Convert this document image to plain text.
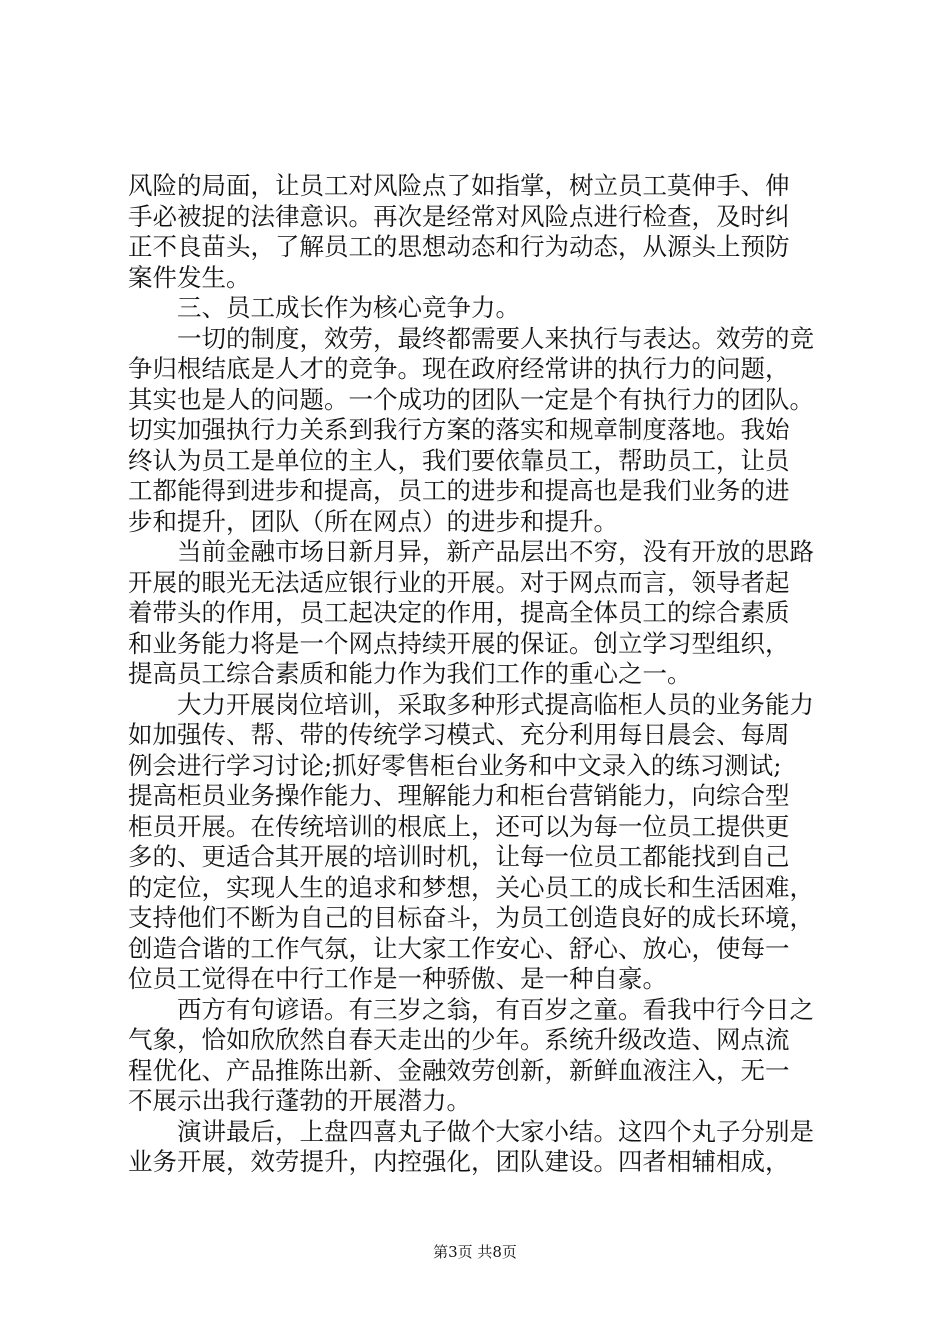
风险的局面，让员工对风险点了如指掌，树立员工莫伸手、伸
手必被捉的法律意识。再次是经常对风险点进行检查，及时纠
正不良苗头，了解员工的思想动态和行为动态，从源头上预防
案件发生。
　　三、员工成长作为核心竞争力。
　　一切的制度，效劳，最终都需要人来执行与表达。效劳的竞
争归根结底是人才的竞争。现在政府经常讲的执行力的问题，
其实也是人的问题。一个成功的团队一定是个有执行力的团队。
切实加强执行力关系到我行方案的落实和规章制度落地。我始
终认为员工是单位的主人，我们要依靠员工，帮助员工，让员
工都能得到进步和提高，员工的进步和提高也是我们业务的进
步和提升，团队（所在网点）的进步和提升。
　　当前金融市场日新月异，新产品层出不穷，没有开放的思路
开展的眼光无法适应银行业的开展。对于网点而言，领导者起
着带头的作用，员工起决定的作用，提高全体员工的综合素质
和业务能力将是一个网点持续开展的保证。创立学习型组织，
提高员工综合素质和能力作为我们工作的重心之一。
　　大力开展岗位培训，采取多种形式提高临柜人员的业务能力
如加强传、帮、带的传统学习模式、充分利用每日晨会、每周
例会进行学习讨论;抓好零售柜台业务和中文录入的练习测试;
提高柜员业务操作能力、理解能力和柜台营销能力，向综合型
柜员开展。在传统培训的根底上，还可以为每一位员工提供更
多的、更适合其开展的培训时机，让每一位员工都能找到自己
的定位，实现人生的追求和梦想，关心员工的成长和生活困难，
支持他们不断为自己的目标奋斗，为员工创造良好的成长环境，
创造合谐的工作气氛，让大家工作安心、舒心、放心，使每一
位员工觉得在中行工作是一种骄傲、是一种自豪。
　　西方有句谚语。有三岁之翁，有百岁之童。看我中行今日之
气象，恰如欣欣然自春天走出的少年。系统升级改造、网点流
程优化、产品推陈出新、金融效劳创新，新鲜血液注入，无一
不展示出我行蓬勃的开展潜力。
　　演讲最后，上盘四喜丸子做个大家小结。这四个丸子分别是
业务开展，效劳提升，内控强化，团队建设。四者相辅相成，
第3页 共8页
